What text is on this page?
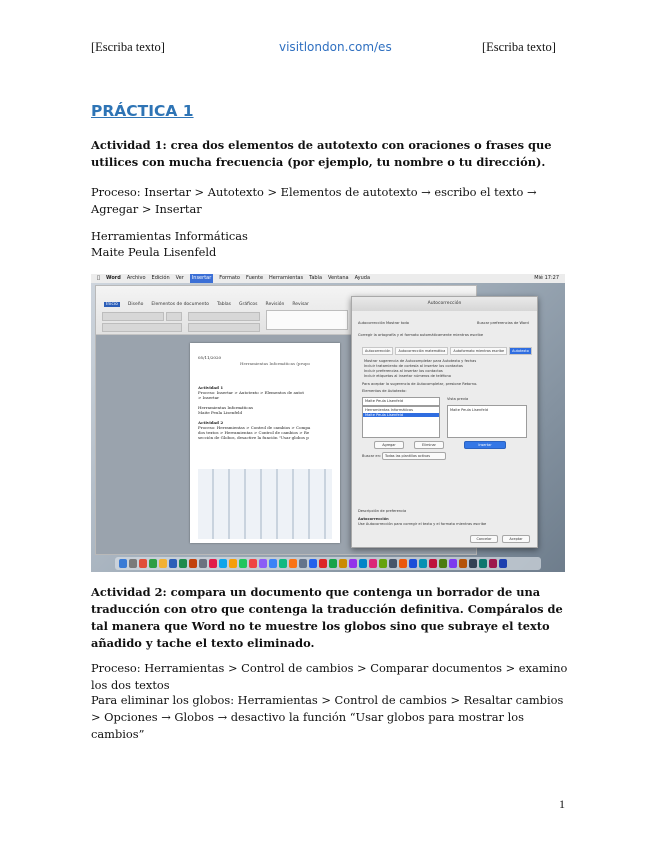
[Escriba texto]	visitlondon.com/es	[Escriba texto]
PRÁCTICA 1
Actividad 1: crea dos elementos de autotexto con oraciones o frases que utilices con mucha frecuencia (por ejemplo, tu nombre o tu dirección).
Proceso: Insertar > Autotexto > Elementos de autotexto → escribo el texto → Agregar > Insertar
Herramientas Informáticas
Maite Peula Lisenfeld
Word Archivo Edición Ver	Insertar	Formato Fuente Herramientas Tabla Ventana Ayuda	Mié 17:27
Inicio	Diseño Elementos de documento Tablas Gráficos Revisión Revisar
05/11/2020
Herramientas Informáticas (prupo
Actividad 1
Proceso: Insertar > Autotexto > Elementos de autot
> Insertar
Herramientas Informáticas
Maite Peula Lisenfeld
Actividad 2
Proceso: Herramientas > Control de cambios > Compa
dos textos > Herramientas > Control de cambios > Re
sección de Globos, desactive la función "Usar globos p
Autocorrección
Autocorrección Mostrar todo	Buscar preferencias de Word
Corregir la ortografía y el formato automáticamente mientras escribe
Autocorrección	Autocorrección matemática	Autoformato mientras escribe	Autotexto
Mostrar sugerencia de Autocompletar para Autotexto y fechas
Incluir tratamiento de cortesía al insertar los contactos
Incluir preferencias al insertar los contactos
Incluir etiquetas al insertar números de teléfono
Para aceptar la sugerencia de Autocompletar, presione Retorno.
Elementos de Autotexto:
Maite Peula Lisenfeld
Herramientas Informáticas
Maite Peula Lisenfeld
Vista previa
Maite Peula Lisenfeld
Agregar	Eliminar	Insertar
Buscar en:	Todas las plantillas activas
Descripción de preferencia
Autocorrección
Use Autocorrección para corregir el texto y el formato mientras escribe
Cancelar	Aceptar
Actividad 2: compara un documento que contenga un borrador de una traducción con otro que contenga la traducción definitiva. Compáralos de tal manera que Word no te muestre los globos sino que subraye el texto añadido y tache el texto eliminado.
Proceso: Herramientas > Control de cambios > Comparar documentos > examino los dos textos
Para eliminar los globos: Herramientas > Control de cambios > Resaltar cambios > Opciones → Globos → desactivo la función “Usar globos para mostrar los cambios”
1
